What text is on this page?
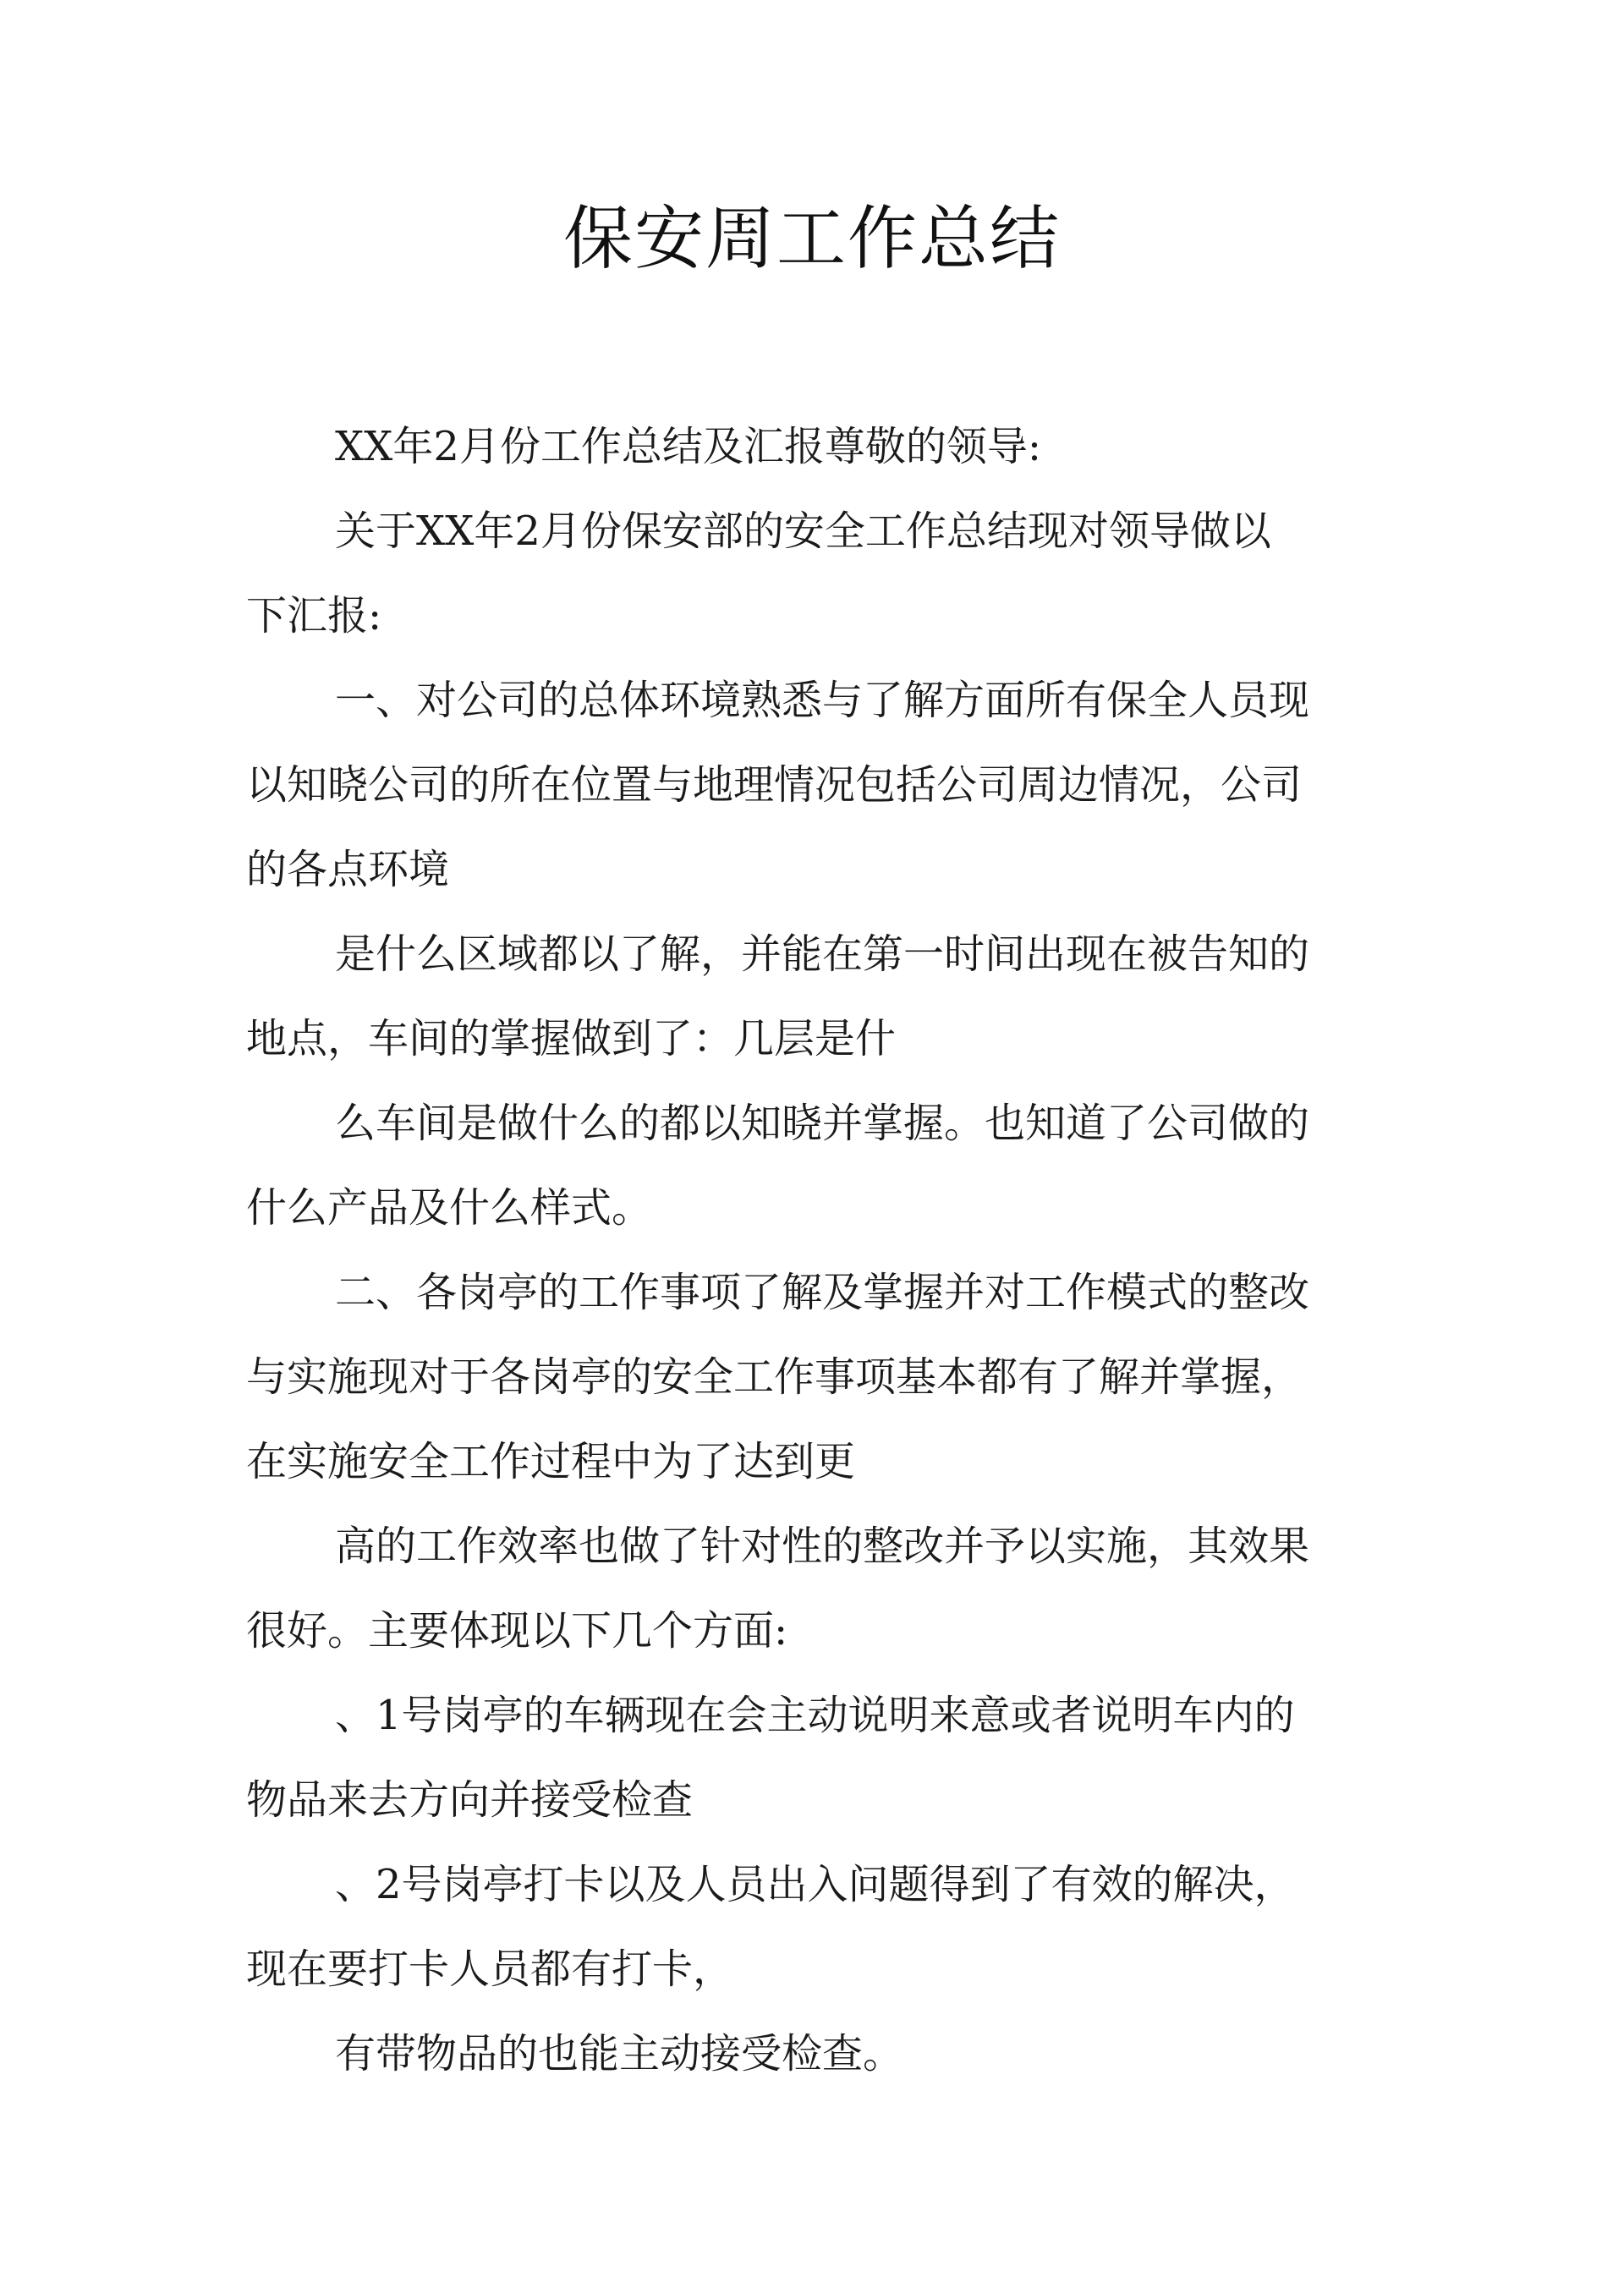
保安周工作总结

XX年2月份工作总结及汇报尊敬的领导:

关于XX年2月份保安部的安全工作总结现对领导做以
下汇报:

一、对公司的总体环境熟悉与了解方面所有保全人员现
以知晓公司的所在位置与地理情况包括公司周边情况，公司
的各点环境

是什么区域都以了解，并能在第一时间出现在被告知的
地点，车间的掌握做到了：几层是什

么车间是做什么的都以知晓并掌握。也知道了公司做的
什么产品及什么样式。

二、各岗亭的工作事项了解及掌握并对工作模式的整改
与实施现对于各岗亭的安全工作事项基本都有了解并掌握，
在实施安全工作过程中为了达到更

高的工作效率也做了针对性的整改并予以实施，其效果
很好。主要体现以下几个方面:

、1号岗亭的车辆现在会主动说明来意或者说明车内的
物品来去方向并接受检查

、2号岗亭打卡以及人员出入问题得到了有效的解决，
现在要打卡人员都有打卡，

有带物品的也能主动接受检查。
